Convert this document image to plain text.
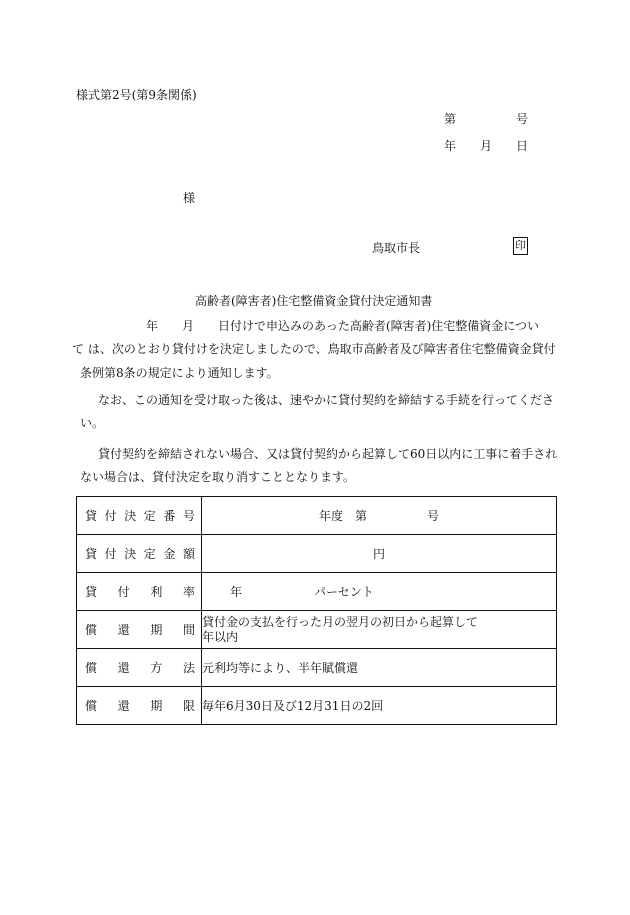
様式第2号(第9条関係)
第　　　　　号
年　　月　　日
様
鳥取市長	印
高齢者(障害者)住宅整備資金貸付決定通知書

　　　　　年　　月　　日付けで申込みのあった高齢者(障害者)住宅整備資金につい

て は、次のとおり貸付けを決定しましたので、鳥取市高齢者及び障害者住宅整備資金貸付

条例第8条の規定により通知します。

　なお、この通知を受け取った後は、速やかに貸付契約を締結する手続を行ってくださ

い。

　貸付契約を締結されない場合、又は貸付契約から起算して60日以内に工事に着手され

ない場合は、貸付決定を取り消すこととなります。

貸付決定番号	年度　第　　　　　号

貸付決定金額	円

貸付利率	年　　　　　　パーセント

償還期間	貸付金の支払を行った月の翌月の初日から起算して
年以内

償還方法	元利均等により、半年賦償還

償還期限	毎年6月30日及び12月31日の2回
